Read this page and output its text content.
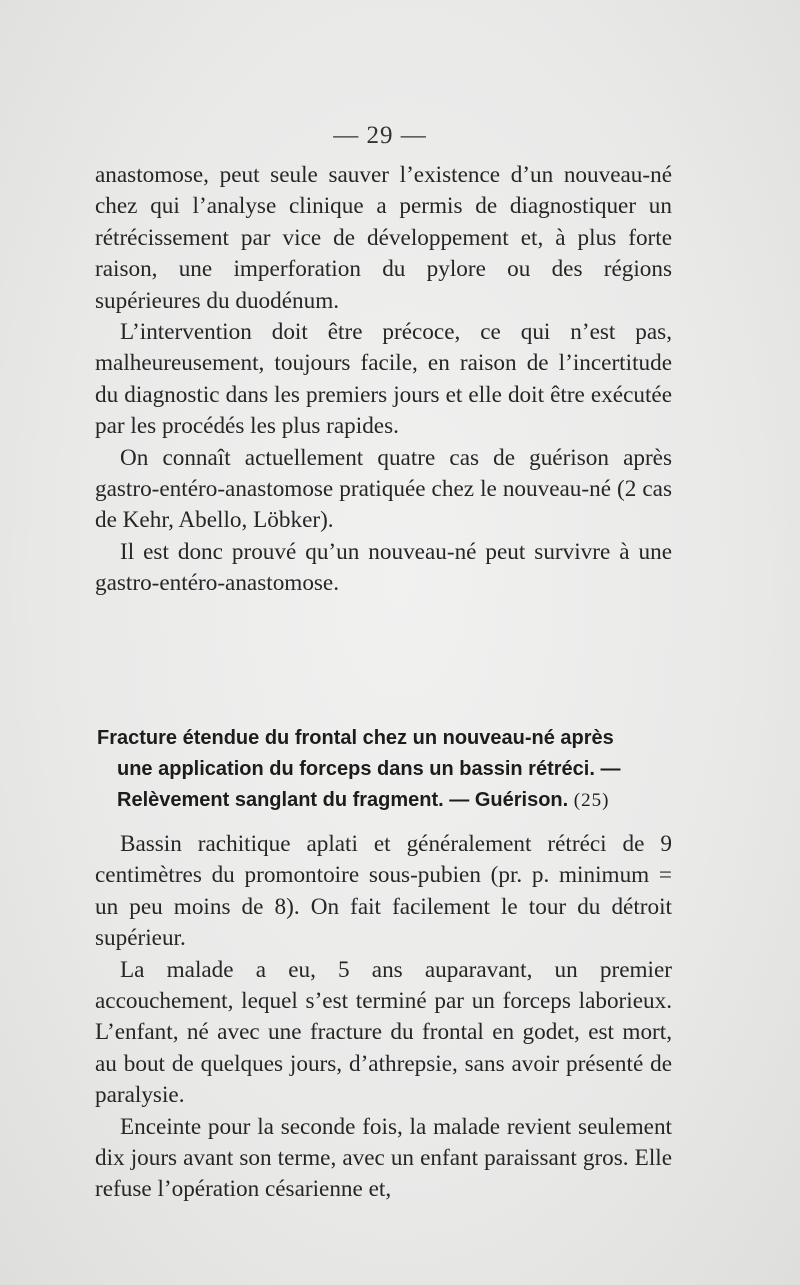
— 29 —

anastomose, peut seule sauver l’existence d’un nouveau-né chez qui l’analyse clinique a permis de diagnostiquer un rétrécissement par vice de développement et, à plus forte raison, une imperforation du pylore ou des régions supérieures du duodénum.

L’intervention doit être précoce, ce qui n’est pas, malheureusement, toujours facile, en raison de l’incertitude du diagnostic dans les premiers jours et elle doit être exécutée par les procédés les plus rapides.

On connaît actuellement quatre cas de guérison après gastro-entéro-anastomose pratiquée chez le nouveau-né (2 cas de Kehr, Abello, Löbker).

Il est donc prouvé qu’un nouveau-né peut survivre à une gastro-entéro-anastomose.

Fracture étendue du frontal chez un nouveau-né après
une application du forceps dans un bassin rétréci. —
Relèvement sanglant du fragment. — Guérison. (25)

Bassin rachitique aplati et généralement rétréci de 9 centimètres du promontoire sous-pubien (pr. p. minimum = un peu moins de 8). On fait facilement le tour du détroit supérieur.

La malade a eu, 5 ans auparavant, un premier accouchement, lequel s’est terminé par un forceps laborieux. L’enfant, né avec une fracture du frontal en godet, est mort, au bout de quelques jours, d’athrepsie, sans avoir présenté de paralysie.

Enceinte pour la seconde fois, la malade revient seulement dix jours avant son terme, avec un enfant paraissant gros. Elle refuse l’opération césarienne et,
